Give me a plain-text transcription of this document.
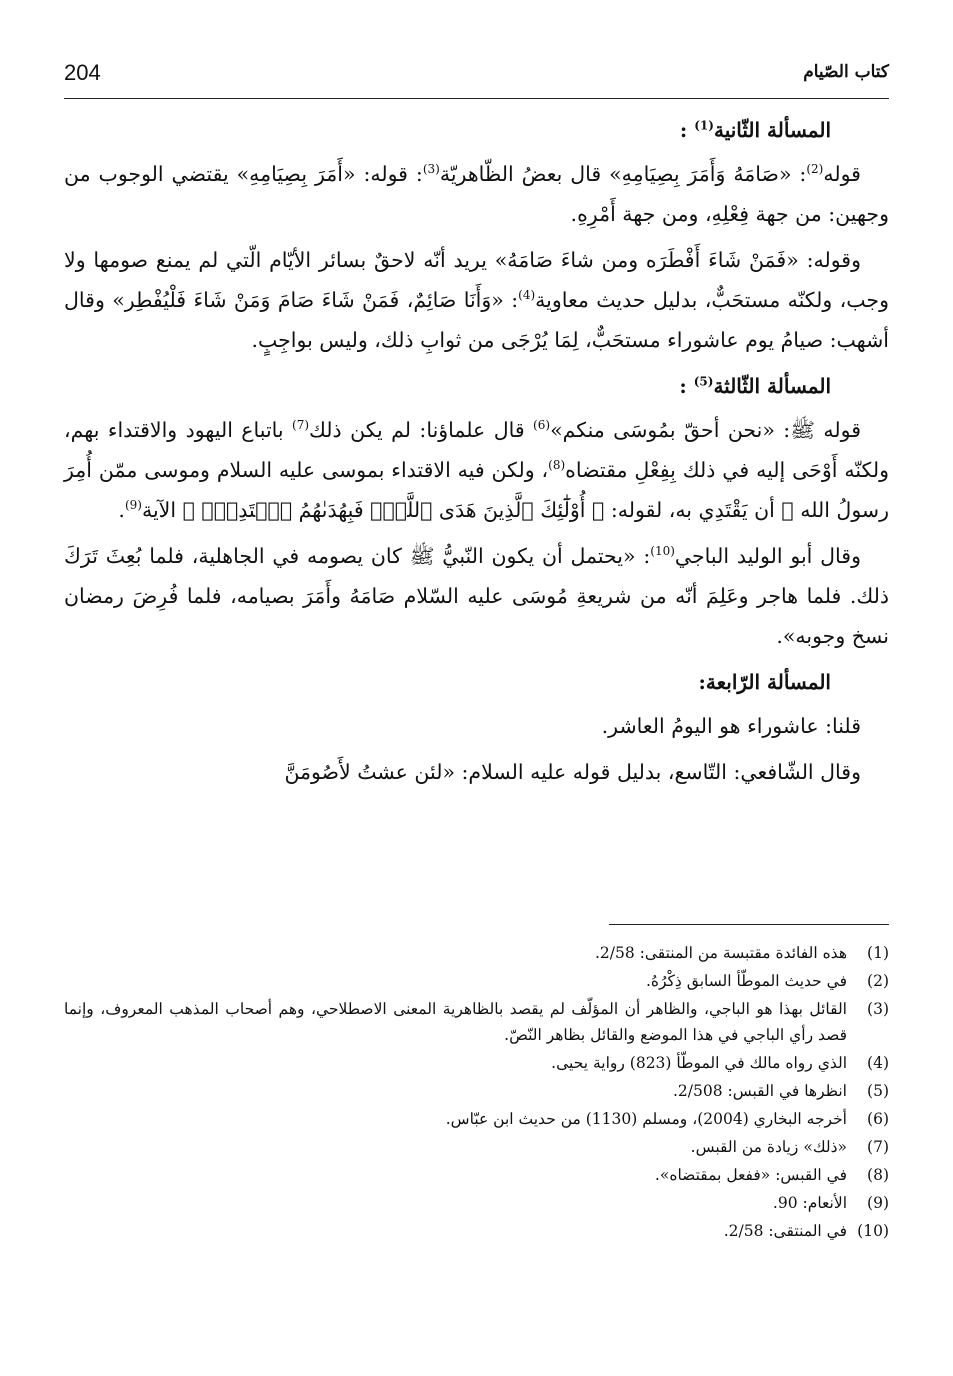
204	كتاب الصّيام
المسألة الثّانية$^{(1)}$ :

قوله$^{(2)}$: «صَامَهُ وَأَمَرَ بِصِيَامِهِ» قال بعضُ الظّاهريّة$^{(3)}$: قوله: «أَمَرَ بِصِيَامِهِ» يقتضي الوجوب من وجهين: من جهة فِعْلِهِ، ومن جهة أَمْرِهِ.

وقوله: «فَمَنْ شَاءَ أَفْطَرَه ومن شاءَ صَامَهُ» يريد أنّه لاحقٌ بسائر الأيّام الّتي لم يمنع صومها ولا وجب، ولكنّه مستحَبٌّ، بدليل حديث معاوية$^{(4)}$: «وَأَنَا صَائِمٌ، فَمَنْ شَاءَ صَامَ وَمَنْ شَاءَ فَلْيُفْطِر» وقال أشهب: صيامُ يوم عاشوراء مستحَبٌّ، لِمَا يُرْجَى من ثوابِ ذلك، وليس بواجِبٍ.

المسألة الثّالثة$^{(5)}$ :

قوله ﷺ: «نحن أحقّ بمُوسَى منكم»$^{(6)}$ قال علماؤنا: لم يكن ذلك$^{(7)}$ باتباع اليهود والاقتداء بهم، ولكنّه أَوْحَى إليه في ذلك بِفِعْلِ مقتضاه$^{(8)}$، ولكن فيه الاقتداء بموسى عليه السلام وموسى ممّن أُمِرَ رسولُ الله ﷺ أن يَقْتَدِي به، لقوله: ﴿ أُوْلَٰٓئِكَ ٱلَّذِينَ هَدَى ٱللَّهُۖ فَبِهُدَىٰهُمُ ٱقۡتَدِهۡۗ ﴾ الآية$^{(9)}$.

وقال أبو الوليد الباجي$^{(10)}$: «يحتمل أن يكون النّبيُّ ﷺ كان يصومه في الجاهلية، فلما بُعِثَ تَرَكَ ذلك. فلما هاجر وعَلِمَ أنّه من شريعةِ مُوسَى عليه السّلام صَامَهُ وأَمَرَ بصيامه، فلما فُرِضَ رمضان نسخ وجوبه».

المسألة الرّابعة:

قلنا: عاشوراء هو اليومُ العاشر.

وقال الشّافعي: التّاسع، بدليل قوله عليه السلام: «لئن عشتُ لأَصُومَنَّ

(1)
هذه الفائدة مقتبسة من المنتقى: 2/58.
(2)
في حديث الموطّأ السابق ذِكْرُهُ.
(3)
القائل بهذا هو الباجي، والظاهر أن المؤلّف لم يقصد بالظاهرية المعنى الاصطلاحي، وهم أصحاب المذهب المعروف، وإنما قصد رأي الباجي في هذا الموضع والقائل بظاهر النّصّ.
(4)
الذي رواه مالك في الموطّأ (823) رواية يحيى.
(5)
انظرها في القبس: 2/508.
(6)
أخرجه البخاري (2004)، ومسلم (1130) من حديث ابن عبّاس.
(7)
«ذلك» زيادة من القبس.
(8)
في القبس: «ففعل بمقتضاه».
(9)
الأنعام: 90.
(10)
في المنتقى: 2/58.
